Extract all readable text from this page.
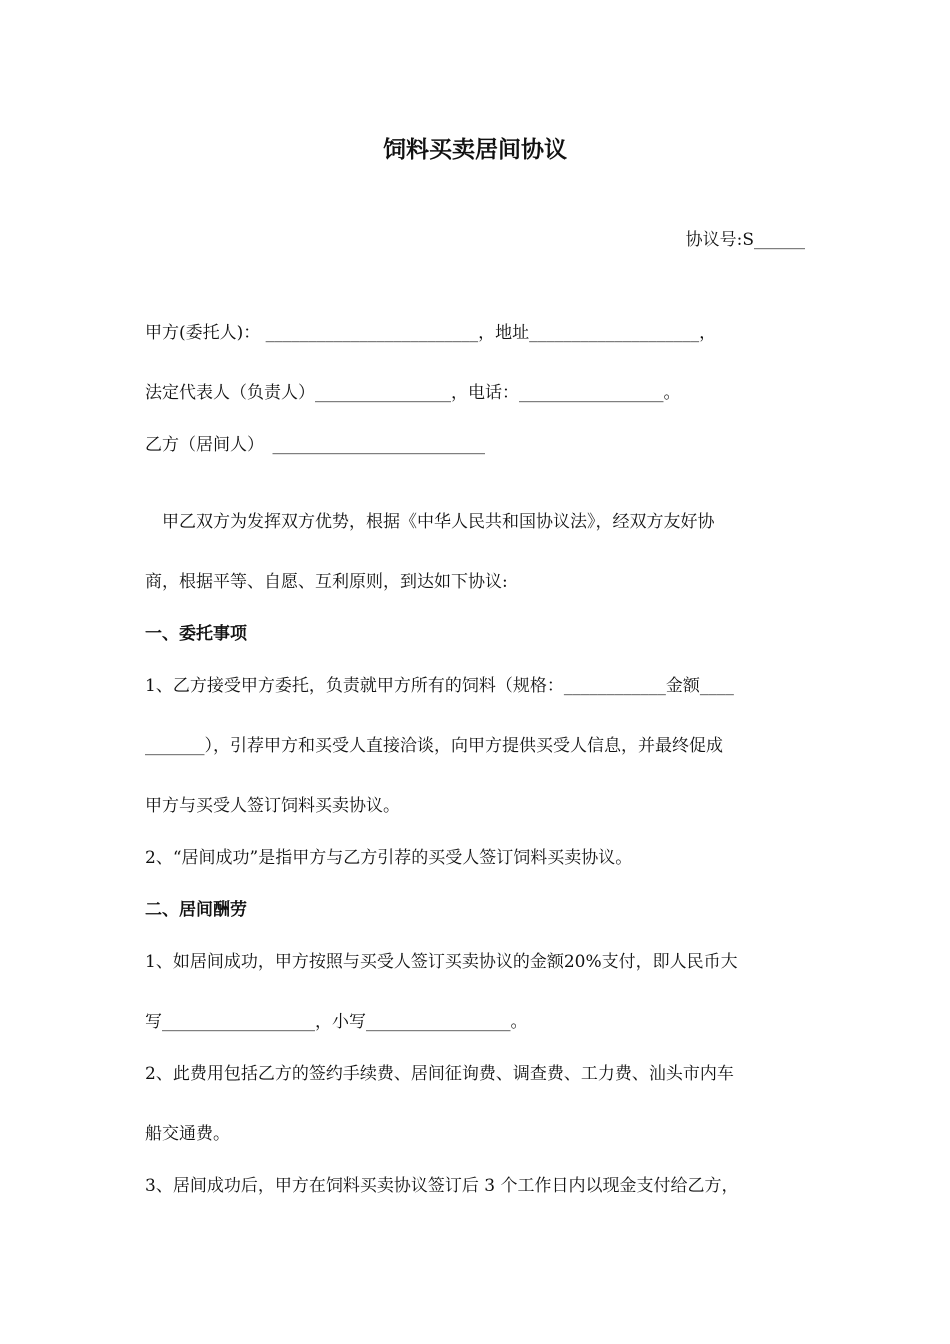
饲料买卖居间协议

协议号:S______

甲方(委托人)： _________________________，地址____________________，

法定代表人（负责人）________________，电话：_________________。

乙方（居间人）　_________________________

　甲乙双方为发挥双方优势，根据《中华人民共和国协议法》，经双方友好协

商，根据平等、自愿、互利原则，到达如下协议:

一、委托事项

1、乙方接受甲方委托，负责就甲方所有的饲料（规格：____________金额____

_______），引荐甲方和买受人直接洽谈，向甲方提供买受人信息，并最终促成

甲方与买受人签订饲料买卖协议。

2、“居间成功”是指甲方与乙方引荐的买受人签订饲料买卖协议。

二、居间酬劳

1、如居间成功，甲方按照与买受人签订买卖协议的金额20%支付，即人民币大

写__________________，小写_________________。

2、此费用包括乙方的签约手续费、居间征询费、调查费、工力费、汕头市内车

船交通费。

3、居间成功后，甲方在饲料买卖协议签订后 3 个工作日内以现金支付给乙方，
